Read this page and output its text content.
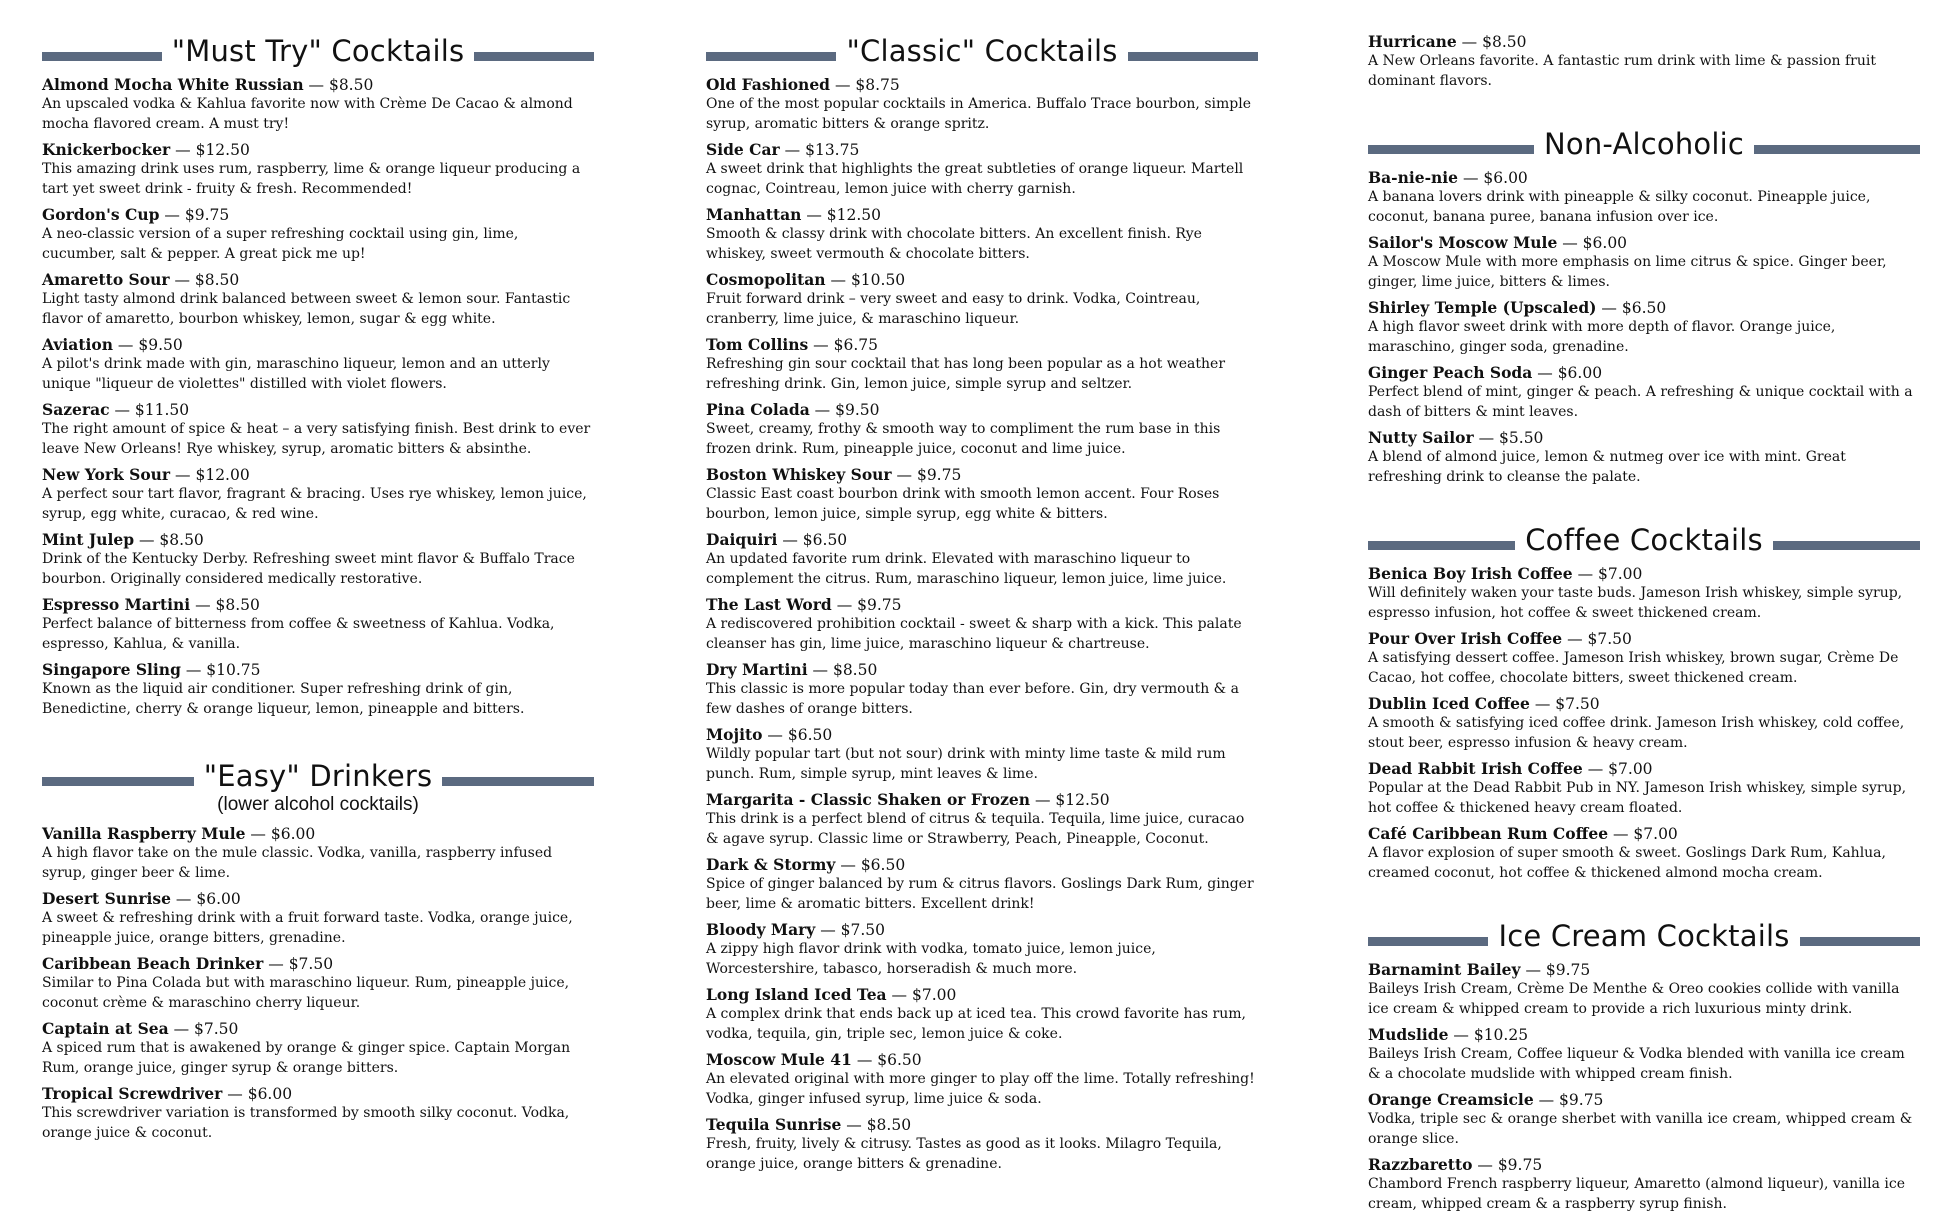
"Must Try" Cocktails
Almond Mocha White Russian — $8.50
An upscaled vodka & Kahlua favorite now with Crème De Cacao & almond mocha flavored cream. A must try!
Knickerbocker — $12.50
This amazing drink uses rum, raspberry, lime & orange liqueur producing a tart yet sweet drink - fruity & fresh. Recommended!
Gordon's Cup — $9.75
A neo-classic version of a super refreshing cocktail using gin, lime, cucumber, salt & pepper. A great pick me up!
Amaretto Sour — $8.50
Light tasty almond drink balanced between sweet & lemon sour. Fantastic flavor of amaretto, bourbon whiskey, lemon, sugar & egg white.
Aviation — $9.50
A pilot's drink made with gin, maraschino liqueur, lemon and an utterly unique "liqueur de violettes" distilled with violet flowers.
Sazerac — $11.50
The right amount of spice & heat – a very satisfying finish. Best drink to ever leave New Orleans! Rye whiskey, syrup, aromatic bitters & absinthe.
New York Sour — $12.00
A perfect sour tart flavor, fragrant & bracing. Uses rye whiskey, lemon juice, syrup, egg white, curacao, & red wine.
Mint Julep — $8.50
Drink of the Kentucky Derby. Refreshing sweet mint flavor & Buffalo Trace bourbon. Originally considered medically restorative.
Espresso Martini — $8.50
Perfect balance of bitterness from coffee & sweetness of Kahlua. Vodka, espresso, Kahlua, & vanilla.
Singapore Sling — $10.75
Known as the liquid air conditioner. Super refreshing drink of gin, Benedictine, cherry & orange liqueur, lemon, pineapple and bitters.
"Easy" Drinkers
(lower alcohol cocktails)
Vanilla Raspberry Mule — $6.00
A high flavor take on the mule classic. Vodka, vanilla, raspberry infused syrup, ginger beer & lime.
Desert Sunrise — $6.00
A sweet & refreshing drink with a fruit forward taste. Vodka, orange juice, pineapple juice, orange bitters, grenadine.
Caribbean Beach Drinker — $7.50
Similar to Pina Colada but with maraschino liqueur. Rum, pineapple juice, coconut crème & maraschino cherry liqueur.
Captain at Sea — $7.50
A spiced rum that is awakened by orange & ginger spice. Captain Morgan Rum, orange juice, ginger syrup & orange bitters.
Tropical Screwdriver — $6.00
This screwdriver variation is transformed by smooth silky coconut. Vodka, orange juice & coconut.
"Classic" Cocktails
Old Fashioned — $8.75
One of the most popular cocktails in America. Buffalo Trace bourbon, simple syrup, aromatic bitters & orange spritz.
Side Car — $13.75
A sweet drink that highlights the great subtleties of orange liqueur. Martell cognac, Cointreau, lemon juice with cherry garnish.
Manhattan — $12.50
Smooth & classy drink with chocolate bitters. An excellent finish. Rye whiskey, sweet vermouth & chocolate bitters.
Cosmopolitan — $10.50
Fruit forward drink – very sweet and easy to drink. Vodka, Cointreau, cranberry, lime juice, & maraschino liqueur.
Tom Collins — $6.75
Refreshing gin sour cocktail that has long been popular as a hot weather refreshing drink. Gin, lemon juice, simple syrup and seltzer.
Pina Colada — $9.50
Sweet, creamy, frothy & smooth way to compliment the rum base in this frozen drink. Rum, pineapple juice, coconut and lime juice.
Boston Whiskey Sour — $9.75
Classic East coast bourbon drink with smooth lemon accent. Four Roses bourbon, lemon juice, simple syrup, egg white & bitters.
Daiquiri — $6.50
An updated favorite rum drink. Elevated with maraschino liqueur to complement the citrus. Rum, maraschino liqueur, lemon juice, lime juice.
The Last Word — $9.75
A rediscovered prohibition cocktail - sweet & sharp with a kick. This palate cleanser has gin, lime juice, maraschino liqueur & chartreuse.
Dry Martini — $8.50
This classic is more popular today than ever before. Gin, dry vermouth & a few dashes of orange bitters.
Mojito — $6.50
Wildly popular tart (but not sour) drink with minty lime taste & mild rum punch. Rum, simple syrup, mint leaves & lime.
Margarita - Classic Shaken or Frozen — $12.50
This drink is a perfect blend of citrus & tequila. Tequila, lime juice, curacao & agave syrup. Classic lime or Strawberry, Peach, Pineapple, Coconut.
Dark & Stormy — $6.50
Spice of ginger balanced by rum & citrus flavors. Goslings Dark Rum, ginger beer, lime & aromatic bitters. Excellent drink!
Bloody Mary — $7.50
A zippy high flavor drink with vodka, tomato juice, lemon juice, Worcestershire, tabasco, horseradish & much more.
Long Island Iced Tea — $7.00
A complex drink that ends back up at iced tea. This crowd favorite has rum, vodka, tequila, gin, triple sec, lemon juice & coke.
Moscow Mule 41 — $6.50
An elevated original with more ginger to play off the lime. Totally refreshing! Vodka, ginger infused syrup, lime juice & soda.
Tequila Sunrise — $8.50
Fresh, fruity, lively & citrusy. Tastes as good as it looks. Milagro Tequila, orange juice, orange bitters & grenadine.
Hurricane — $8.50
A New Orleans favorite. A fantastic rum drink with lime & passion fruit dominant flavors.
Non-Alcoholic
Ba-nie-nie — $6.00
A banana lovers drink with pineapple & silky coconut. Pineapple juice, coconut, banana puree, banana infusion over ice.
Sailor's Moscow Mule — $6.00
A Moscow Mule with more emphasis on lime citrus & spice. Ginger beer, ginger, lime juice, bitters & limes.
Shirley Temple (Upscaled) — $6.50
A high flavor sweet drink with more depth of flavor. Orange juice, maraschino, ginger soda, grenadine.
Ginger Peach Soda — $6.00
Perfect blend of mint, ginger & peach. A refreshing & unique cocktail with a dash of bitters & mint leaves.
Nutty Sailor — $5.50
A blend of almond juice, lemon & nutmeg over ice with mint. Great refreshing drink to cleanse the palate.
Coffee Cocktails
Benica Boy Irish Coffee — $7.00
Will definitely waken your taste buds. Jameson Irish whiskey, simple syrup, espresso infusion, hot coffee & sweet thickened cream.
Pour Over Irish Coffee — $7.50
A satisfying dessert coffee. Jameson Irish whiskey, brown sugar, Crème De Cacao, hot coffee, chocolate bitters, sweet thickened cream.
Dublin Iced Coffee — $7.50
A smooth & satisfying iced coffee drink. Jameson Irish whiskey, cold coffee, stout beer, espresso infusion & heavy cream.
Dead Rabbit Irish Coffee — $7.00
Popular at the Dead Rabbit Pub in NY. Jameson Irish whiskey, simple syrup, hot coffee & thickened heavy cream floated.
Café Caribbean Rum Coffee — $7.00
A flavor explosion of super smooth & sweet. Goslings Dark Rum, Kahlua, creamed coconut, hot coffee & thickened almond mocha cream.
Ice Cream Cocktails
Barnamint Bailey — $9.75
Baileys Irish Cream, Crème De Menthe & Oreo cookies collide with vanilla ice cream & whipped cream to provide a rich luxurious minty drink.
Mudslide — $10.25
Baileys Irish Cream, Coffee liqueur & Vodka blended with vanilla ice cream & a chocolate mudslide with whipped cream finish.
Orange Creamsicle — $9.75
Vodka, triple sec & orange sherbet with vanilla ice cream, whipped cream & orange slice.
Razzbaretto — $9.75
Chambord French raspberry liqueur, Amaretto (almond liqueur), vanilla ice cream, whipped cream & a raspberry syrup finish.
